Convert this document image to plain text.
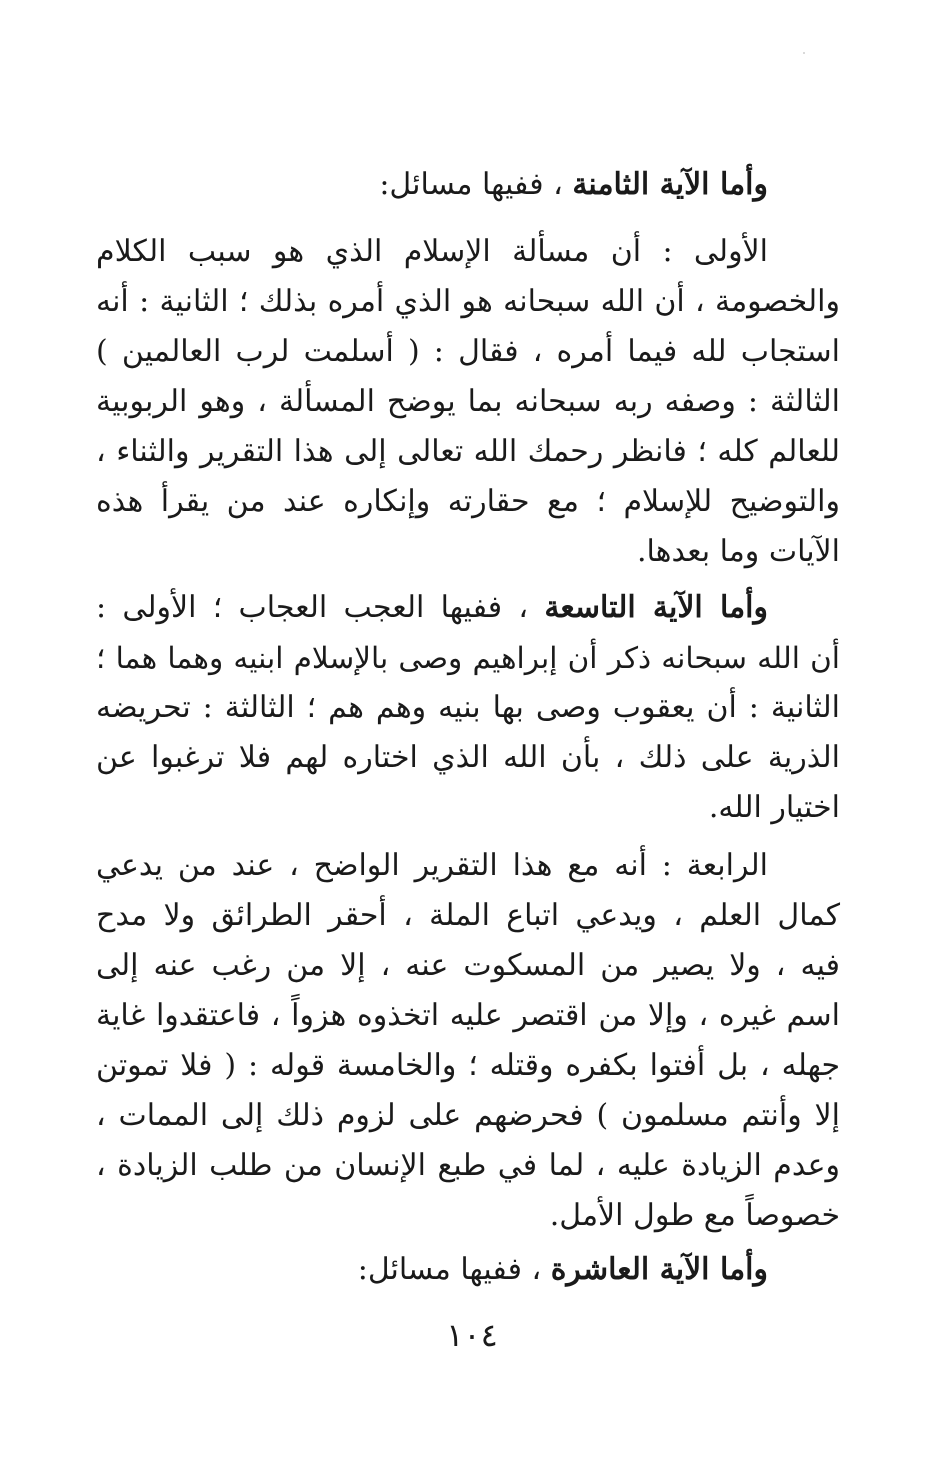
وأما الآية الثامنة ، ففيها مسائل:
الأولى : أن مسألة الإسلام الذي هو سبب الكلام
والخصومة ، أن الله سبحانه هو الذي أمره بذلك ؛ الثانية : أنه
استجاب لله فيما أمره ، فقال : ( أسلمت لرب العالمين )
الثالثة : وصفه ربه سبحانه بما يوضح المسألة ، وهو الربوبية
للعالم كله ؛ فانظر رحمك الله تعالى إلى هذا التقرير والثناء ،
والتوضيح للإسلام ؛ مع حقارته وإنكاره عند من يقرأ هذه
الآيات وما بعدها.
وأما الآية التاسعة ، ففيها العجب العجاب ؛ الأولى :
أن الله سبحانه ذكر أن إبراهيم وصى بالإسلام ابنيه وهما هما ؛
الثانية : أن يعقوب وصى بها بنيه وهم هم ؛ الثالثة : تحريضه
الذرية على ذلك ، بأن الله الذي اختاره لهم فلا ترغبوا عن
اختيار الله.
الرابعة : أنه مع هذا التقرير الواضح ، عند من يدعي
كمال العلم ، ويدعي اتباع الملة ، أحقر الطرائق ولا مدح
فيه ، ولا يصير من المسكوت عنه ، إلا من رغب عنه إلى
اسم غيره ، وإلا من اقتصر عليه اتخذوه هزواً ، فاعتقدوا غاية
جهله ، بل أفتوا بكفره وقتله ؛ والخامسة قوله : ( فلا تموتن
إلا وأنتم مسلمون ) فحرضهم على لزوم ذلك إلى الممات ،
وعدم الزيادة عليه ، لما في طبع الإنسان من طلب الزيادة ،
خصوصاً مع طول الأمل.
وأما الآية العاشرة ، ففيها مسائل:
١٠٤
